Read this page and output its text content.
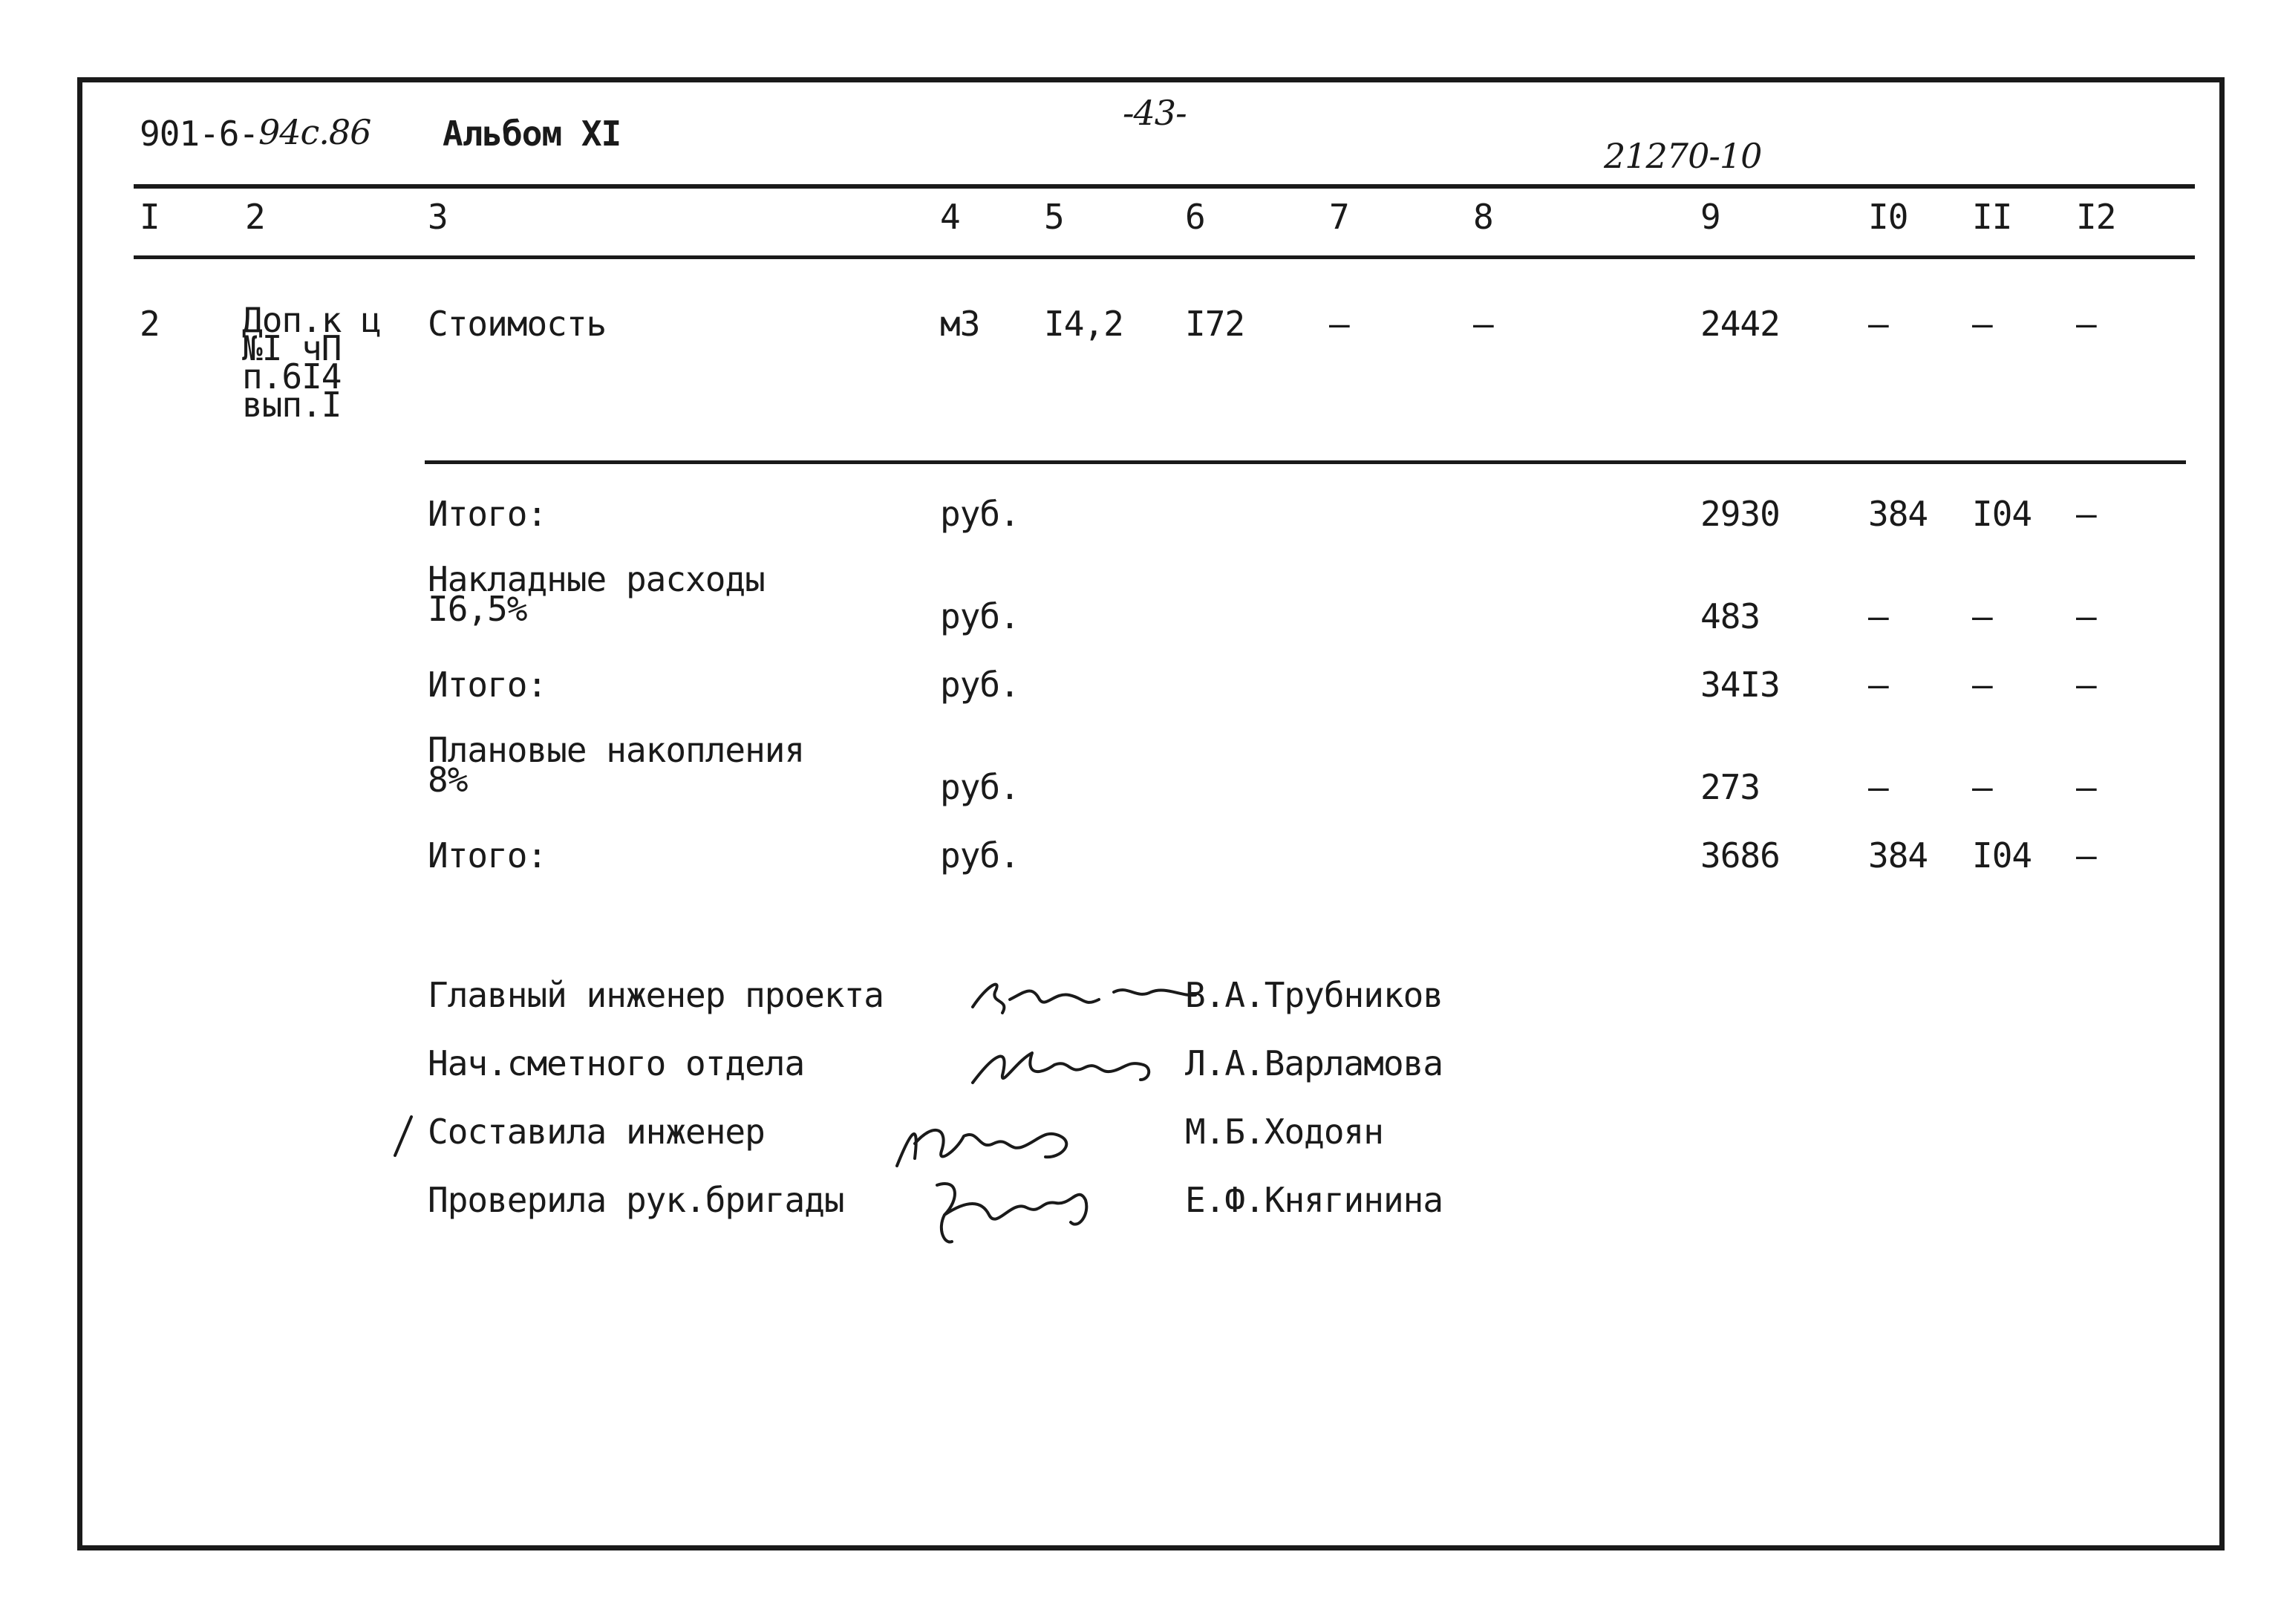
901-6- 94с.86 Альбом XI
-43-
21270-10
I	2	3	4 5	6	7	8	9	I0 II I2
2 Доп.к ц
№I чП
п.6I4
вып.I
Стоимость	м3 I4,2 I72 –	–	2442	– – –
Итого:	руб.	2930	384 I04 –
Накладные расходы
I6,5%	руб.	483	– – –
Итого:	руб.	34I3	– – –
Плановые накопления
8%	руб.	273	– – –
Итого:	руб.	3686	384 I04 –
Главный инженер проекта	В.А.Трубников
Нач.сметного отдела	Л.А.Варламова
Составила инженер	М.Б.Ходоян
Проверила рук.бригады	Е.Ф.Княгинина
